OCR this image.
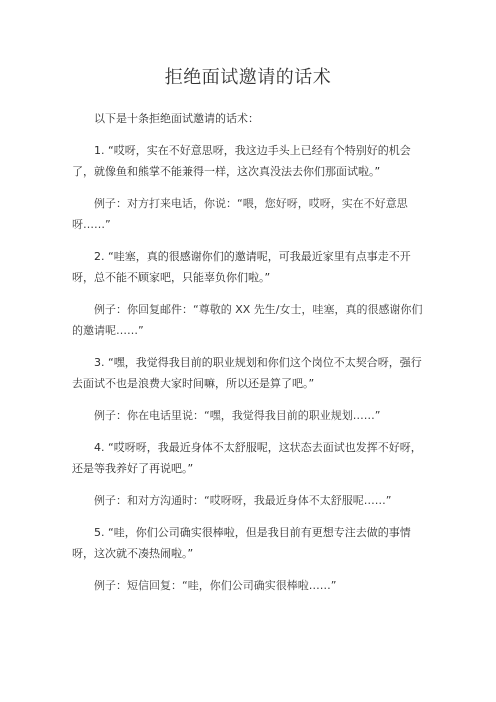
拒绝面试邀请的话术

以下是十条拒绝面试邀请的话术：

1. “哎呀，实在不好意思呀，我这边手头上已经有个特别好的机会了，就像鱼和熊掌不能兼得一样，这次真没法去你们那面试啦。”

例子：对方打来电话，你说：“喂，您好呀，哎呀，实在不好意思呀……”

2. “哇塞，真的很感谢你们的邀请呢，可我最近家里有点事走不开呀，总不能不顾家吧，只能辜负你们啦。”

例子：你回复邮件：“尊敬的 XX 先生/女士，哇塞，真的很感谢你们的邀请呢……”

3. “嘿，我觉得我目前的职业规划和你们这个岗位不太契合呀，强行去面试不也是浪费大家时间嘛，所以还是算了吧。”

例子：你在电话里说：“嘿，我觉得我目前的职业规划……”

4. “哎呀呀，我最近身体不太舒服呢，这状态去面试也发挥不好呀，还是等我养好了再说吧。”

例子：和对方沟通时：“哎呀呀，我最近身体不太舒服呢……”

5. “哇，你们公司确实很棒啦，但是我目前有更想专注去做的事情呀，这次就不凑热闹啦。”

例子：短信回复：“哇，你们公司确实很棒啦……”
